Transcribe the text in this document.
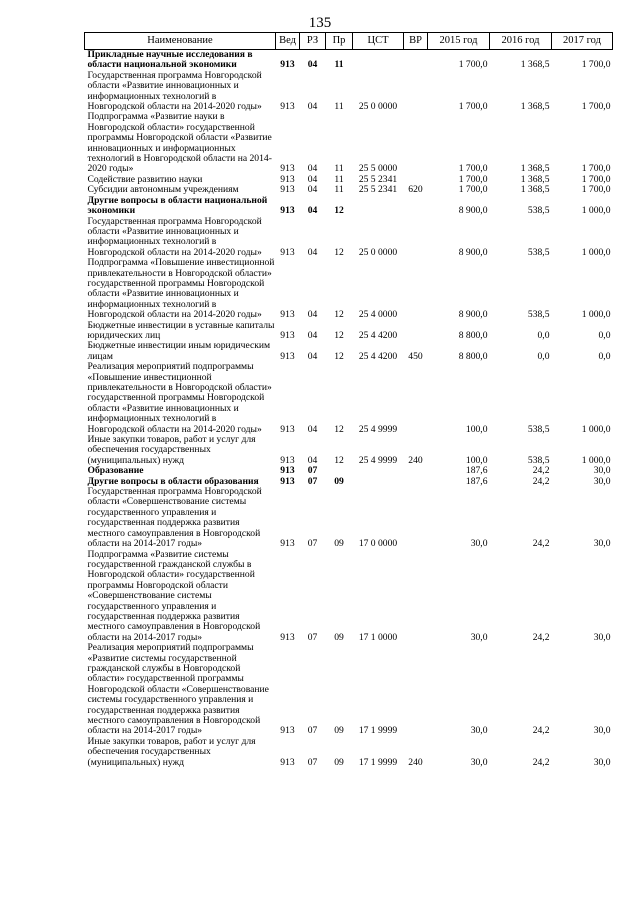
135
Наименование	Вед	РЗ	Пр	ЦСТ	ВР	2015 год	2016 год	2017 год
Прикладные научные исследования в области национальной экономики	913	04	11			1 700,0	1 368,5	1 700,0
Государственная программа Новгородской области «Развитие инновационных и информационных технологий в Новгородской области на 2014-2020 годы»	913	04	11	25 0 0000		1 700,0	1 368,5	1 700,0
Подпрограмма «Развитие науки в Новгородской области» государственной программы Новгородской области «Развитие инновационных и информационных технологий в Новгородской области на 2014-2020 годы»	913	04	11	25 5 0000		1 700,0	1 368,5	1 700,0
Содействие развитию науки	913	04	11	25 5 2341		1 700,0	1 368,5	1 700,0
Субсидии автономным учреждениям	913	04	11	25 5 2341	620	1 700,0	1 368,5	1 700,0
Другие вопросы в области национальной экономики	913	04	12			8 900,0	538,5	1 000,0
Государственная программа Новгородской области «Развитие инновационных и информационных технологий в Новгородской области на 2014-2020 годы»	913	04	12	25 0 0000		8 900,0	538,5	1 000,0
Подпрограмма «Повышение инвестиционной привлекательности в Новгородской области» государственной программы Новгородской области «Развитие инновационных и информационных технологий в Новгородской области на 2014-2020 годы»	913	04	12	25 4 0000		8 900,0	538,5	1 000,0
Бюджетные инвестиции в уставные капиталы юридических лиц	913	04	12	25 4 4200		8 800,0	0,0	0,0
Бюджетные инвестиции иным юридическим лицам	913	04	12	25 4 4200	450	8 800,0	0,0	0,0
Реализация мероприятий подпрограммы «Повышение инвестиционной привлекательности в Новгородской области» государственной программы Новгородской области «Развитие инновационных и информационных технологий в Новгородской области на 2014-2020 годы»	913	04	12	25 4 9999		100,0	538,5	1 000,0
Иные закупки товаров, работ и услуг для обеспечения государственных (муниципальных) нужд	913	04	12	25 4 9999	240	100,0	538,5	1 000,0
Образование	913	07				187,6	24,2	30,0
Другие вопросы в области образования	913	07	09			187,6	24,2	30,0
Государственная программа Новгородской области «Совершенствование системы государственного управления и государственная поддержка развития местного самоуправления в Новгородской области на 2014-2017 годы»	913	07	09	17 0 0000		30,0	24,2	30,0
Подпрограмма «Развитие системы государственной гражданской службы в Новгородской области» государственной программы Новгородской области «Совершенствование системы государственного управления и государственная поддержка развития местного самоуправления в Новгородской области на 2014-2017 годы»	913	07	09	17 1 0000		30,0	24,2	30,0
Реализация мероприятий подпрограммы «Развитие системы государственной гражданской службы в Новгородской области» государственной программы Новгородской области «Совершенствование системы государственного управления и государственная поддержка развития местного самоуправления в Новгородской области на 2014-2017 годы»	913	07	09	17 1 9999		30,0	24,2	30,0
Иные закупки товаров, работ и услуг для обеспечения государственных (муниципальных) нужд	913	07	09	17 1 9999	240	30,0	24,2	30,0
